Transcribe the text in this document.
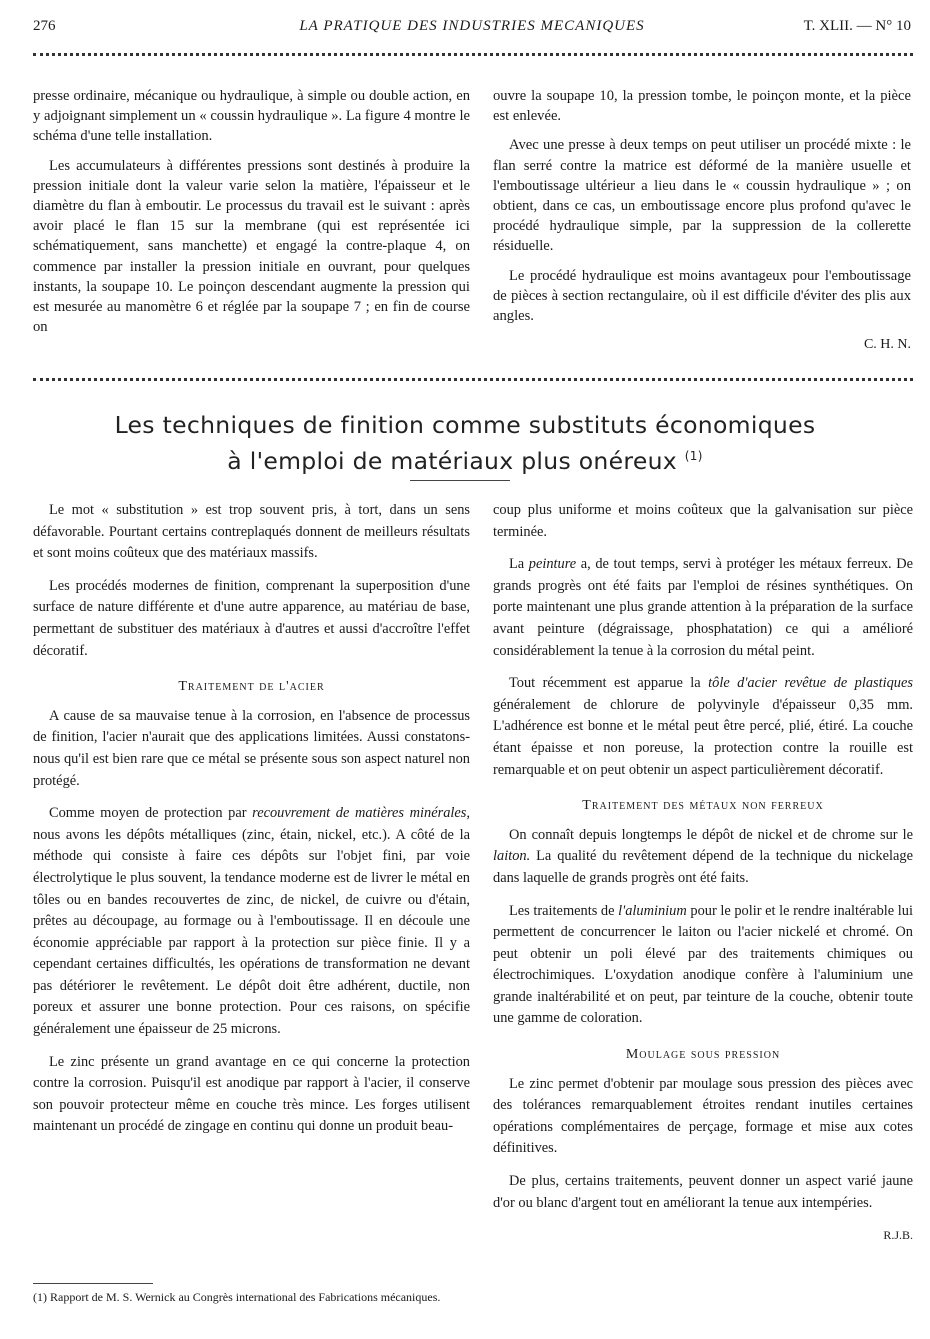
276	LA PRATIQUE DES INDUSTRIES MECANIQUES	T. XLII. — N° 10

presse ordinaire, mécanique ou hydraulique, à simple ou double action, en y adjoignant simplement un « coussin hydraulique ». La figure 4 montre le schéma d'une telle installation.

Les accumulateurs à différentes pressions sont destinés à produire la pression initiale dont la valeur varie selon la matière, l'épaisseur et le diamètre du flan à emboutir. Le processus du travail est le suivant : après avoir placé le flan 15 sur la membrane (qui est représentée ici schématiquement, sans manchette) et engagé la contre-plaque 4, on commence par installer la pression initiale en ouvrant, pour quelques instants, la soupape 10. Le poinçon descendant augmente la pression qui est mesurée au manomètre 6 et réglée par la soupape 7 ; en fin de course on

ouvre la soupape 10, la pression tombe, le poinçon monte, et la pièce est enlevée.

Avec une presse à deux temps on peut utiliser un procédé mixte : le flan serré contre la matrice est déformé de la manière usuelle et l'emboutissage ultérieur a lieu dans le « coussin hydraulique » ; on obtient, dans ce cas, un emboutissage encore plus profond qu'avec le procédé hydraulique simple, par la suppression de la collerette résiduelle.

Le procédé hydraulique est moins avantageux pour l'emboutissage de pièces à section rectangulaire, où il est difficile d'éviter des plis aux angles.

C. H. N.
Les techniques de finition comme substituts économiques
à l'emploi de matériaux plus onéreux $^{(1)}$

Le mot « substitution » est trop souvent pris, à tort, dans un sens défavorable. Pourtant certains contreplaqués donnent de meilleurs résultats et sont moins coûteux que des matériaux massifs.

Les procédés modernes de finition, comprenant la superposition d'une surface de nature différente et d'une autre apparence, au matériau de base, permettant de substituer des matériaux à d'autres et aussi d'accroître l'effet décoratif.

Traitement de l'acier

A cause de sa mauvaise tenue à la corrosion, en l'absence de processus de finition, l'acier n'aurait que des applications limitées. Aussi constatons-nous qu'il est bien rare que ce métal se présente sous son aspect naturel non protégé.

Comme moyen de protection par recouvrement de matières minérales, nous avons les dépôts métalliques (zinc, étain, nickel, etc.). A côté de la méthode qui consiste à faire ces dépôts sur l'objet fini, par voie électrolytique le plus souvent, la tendance moderne est de livrer le métal en tôles ou en bandes recouvertes de zinc, de nickel, de cuivre ou d'étain, prêtes au découpage, au formage ou à l'emboutissage. Il en découle une économie appréciable par rapport à la protection sur pièce finie. Il y a cependant certaines difficultés, les opérations de transformation ne devant pas détériorer le revêtement. Le dépôt doit être adhérent, ductile, non poreux et assurer une bonne protection. Pour ces raisons, on spécifie généralement une épaisseur de 25 microns.

Le zinc présente un grand avantage en ce qui concerne la protection contre la corrosion. Puisqu'il est anodique par rapport à l'acier, il conserve son pouvoir protecteur même en couche très mince. Les forges utilisent maintenant un procédé de zingage en continu qui donne un produit beau-

coup plus uniforme et moins coûteux que la galvanisation sur pièce terminée.

La peinture a, de tout temps, servi à protéger les métaux ferreux. De grands progrès ont été faits par l'emploi de résines synthétiques. On porte maintenant une plus grande attention à la préparation de la surface avant peinture (dégraissage, phosphatation) ce qui a amélioré considérablement la tenue à la corrosion du métal peint.

Tout récemment est apparue la tôle d'acier revêtue de plastiques généralement de chlorure de polyvinyle d'épaisseur 0,35 mm. L'adhérence est bonne et le métal peut être percé, plié, étiré. La couche étant épaisse et non poreuse, la protection contre la rouille est remarquable et on peut obtenir un aspect particulièrement décoratif.

Traitement des métaux non ferreux

On connaît depuis longtemps le dépôt de nickel et de chrome sur le laiton. La qualité du revêtement dépend de la technique du nickelage dans laquelle de grands progrès ont été faits.

Les traitements de l'aluminium pour le polir et le rendre inaltérable lui permettent de concurrencer le laiton ou l'acier nickelé et chromé. On peut obtenir un poli élevé par des traitements chimiques ou électrochimiques. L'oxydation anodique confère à l'aluminium une grande inaltérabilité et on peut, par teinture de la couche, obtenir toute une gamme de coloration.

Moulage sous pression

Le zinc permet d'obtenir par moulage sous pression des pièces avec des tolérances remarquablement étroites rendant inutiles certaines opérations complémentaires de perçage, formage et mise aux cotes définitives.

De plus, certains traitements, peuvent donner un aspect varié jaune d'or ou blanc d'argent tout en améliorant la tenue aux intempéries.

R.J.B.
(1) Rapport de M. S. Wernick au Congrès international des Fabrications mécaniques.
